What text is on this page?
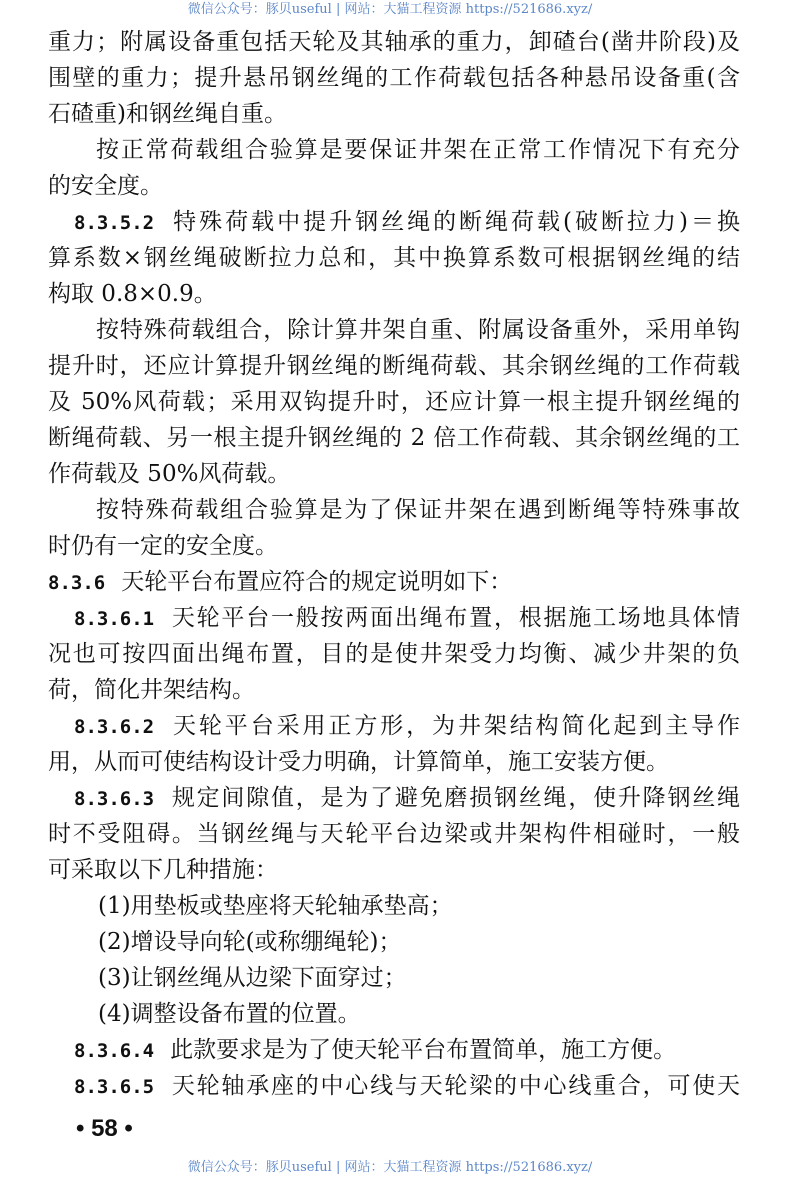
微信公众号：豚贝useful | 网站：大猫工程资源 https://521686.xyz/
重力；附属设备重包括天轮及其轴承的重力，卸碴台(凿井阶段)及
围壁的重力；提升悬吊钢丝绳的工作荷载包括各种悬吊设备重(含
石碴重)和钢丝绳自重。
按正常荷载组合验算是要保证井架在正常工作情况下有充分
的安全度。
8.3.5.2 特殊荷载中提升钢丝绳的断绳荷载(破断拉力)＝换
算系数×钢丝绳破断拉力总和，其中换算系数可根据钢丝绳的结
构取 0.8×0.9。
按特殊荷载组合，除计算井架自重、附属设备重外，采用单钩
提升时，还应计算提升钢丝绳的断绳荷载、其余钢丝绳的工作荷载
及 50%风荷载；采用双钩提升时，还应计算一根主提升钢丝绳的
断绳荷载、另一根主提升钢丝绳的 2 倍工作荷载、其余钢丝绳的工
作荷载及 50%风荷载。
按特殊荷载组合验算是为了保证井架在遇到断绳等特殊事故
时仍有一定的安全度。
8.3.6 天轮平台布置应符合的规定说明如下：
8.3.6.1 天轮平台一般按两面出绳布置，根据施工场地具体情
况也可按四面出绳布置，目的是使井架受力均衡、减少井架的负
荷，简化井架结构。
8.3.6.2 天轮平台采用正方形，为井架结构简化起到主导作
用，从而可使结构设计受力明确，计算简单，施工安装方便。
8.3.6.3 规定间隙值，是为了避免磨损钢丝绳，使升降钢丝绳
时不受阻碍。当钢丝绳与天轮平台边梁或井架构件相碰时，一般
可采取以下几种措施：
(1)用垫板或垫座将天轮轴承垫高；
(2)增设导向轮(或称绷绳轮)；
(3)让钢丝绳从边梁下面穿过；
(4)调整设备布置的位置。
8.3.6.4 此款要求是为了使天轮平台布置简单，施工方便。
8.3.6.5 天轮轴承座的中心线与天轮梁的中心线重合，可使天
• 58 •
微信公众号：豚贝useful | 网站：大猫工程资源 https://521686.xyz/
